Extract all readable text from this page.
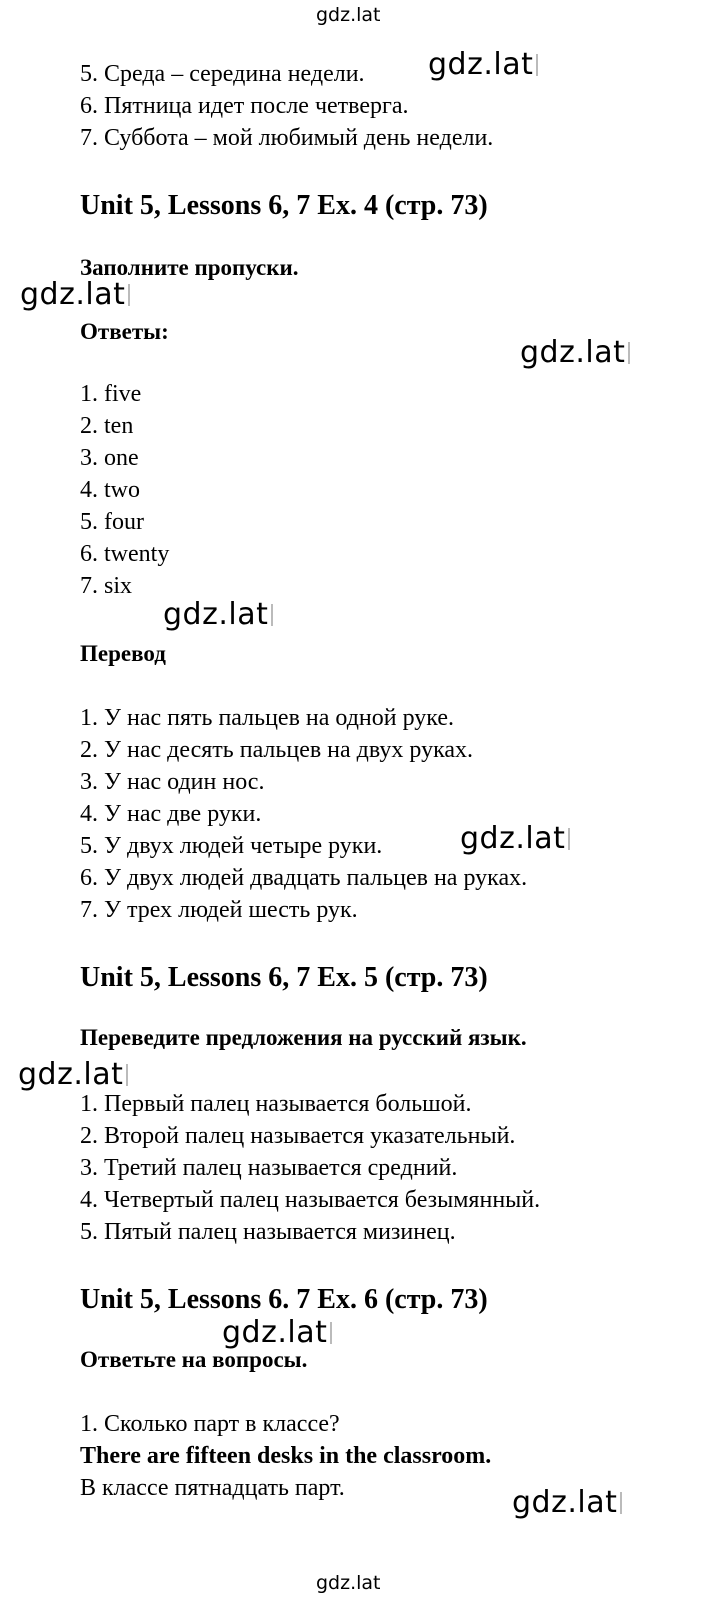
gdz.lat
5. Среда – середина недели.
6. Пятница идет после четверга.
7. Суббота – мой любимый день недели.
gdz.lat
Unit 5, Lessons 6, 7 Ex. 4 (стр. 73)
Заполните пропуски.
gdz.lat
Ответы:
gdz.lat
1. five
2. ten
3. one
4. two
5. four
6. twenty
7. six
gdz.lat
Перевод
1. У нас пять пальцев на одной руке.
2. У нас десять пальцев на двух руках.
3. У нас один нос.
4. У нас две руки.
5. У двух людей четыре руки.
6. У двух людей двадцать пальцев на руках.
7. У трех людей шесть рук.
gdz.lat
Unit 5, Lessons 6, 7 Ex. 5 (стр. 73)
Переведите предложения на русский язык.
gdz.lat
1. Первый палец называется большой.
2. Второй палец называется указательный.
3. Третий палец называется средний.
4. Четвертый палец называется безымянный.
5. Пятый палец называется мизинец.
Unit 5, Lessons 6. 7 Ex. 6 (стр. 73)
gdz.lat
Ответьте на вопросы.
1. Сколько парт в классе?
There are fifteen desks in the classroom.
В классе пятнадцать парт.	gdz.lat
gdz.lat
